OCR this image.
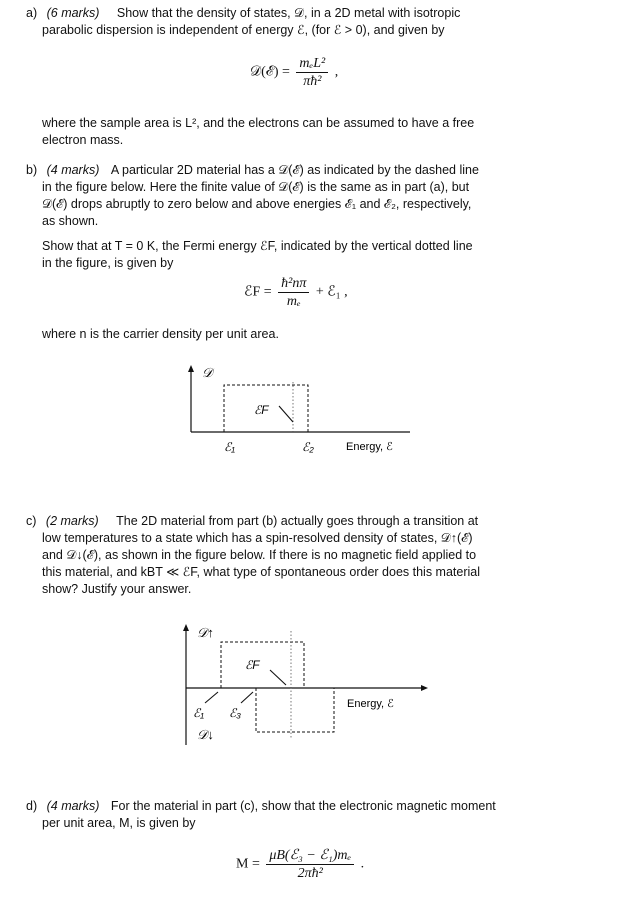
a) (6 marks) Show that the density of states, 𝒟, in a 2D metal with isotropic
parabolic dispersion is independent of energy ℰ, (for ℰ > 0), and given by
𝒟(ℰ) = $\frac{\text{mₑL²}}{\text{πħ²}}$ ,
where the sample area is L², and the electrons can be assumed to have a free
electron mass.
b) (4 marks) A particular 2D material has a 𝒟(ℰ) as indicated by the dashed line
in the figure below. Here the finite value of 𝒟(ℰ) is the same as in part (a), but
𝒟(ℰ) drops abruptly to zero below and above energies ℰ₁ and ℰ₂, respectively,
as shown.
Show that at T = 0 K, the Fermi energy ℰF, indicated by the vertical dotted line
in the figure, is given by
ℰF = $\frac{\text{ħ²nπ}}{\text{mₑ}}$ + ℰ₁ ,
where n is the carrier density per unit area.
𝒟
ℰF
ℰ₁	ℰ₂	Energy, ℰ
c) (2 marks) The 2D material from part (b) actually goes through a transition at
low temperatures to a state which has a spin-resolved density of states, 𝒟↑(ℰ)
and 𝒟↓(ℰ), as shown in the figure below. If there is no magnetic field applied to
this material, and kBT ≪ ℰF, what type of spontaneous order does this material
show? Justify your answer.
𝒟↑
𝒟↓
ℰF
ℰ₁ ℰ₃
Energy, ℰ
d) (4 marks) For the material in part (c), show that the electronic magnetic moment
per unit area, M, is given by
$M = \frac{\text{μB(ℰ₃ − ℰ₁)mₑ}}{\text{2πħ²}}$ .
